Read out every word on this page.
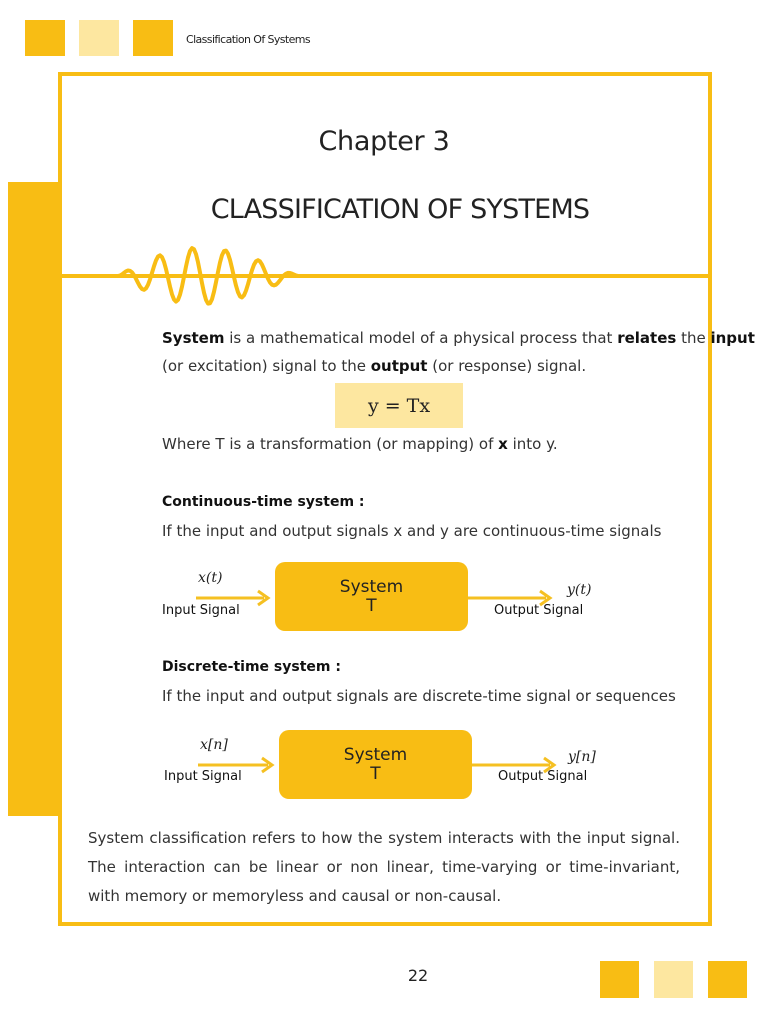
Classification Of Systems
Chapter 3
CLASSIFICATION OF SYSTEMS
System is a mathematical model of a physical process that relates the input
(or excitation) signal to the output (or response) signal.
y = Tx
Where T is a transformation (or mapping) of x into y.
Continuous-time system :
If the input and output signals x and y are continuous-time signals
x(t)
Input Signal
System
T	Output Signal
y(t)
Discrete-time system :
If the input and output signals are discrete-time signal or sequences
x[n]
Input Signal
System
T	Output Signal
y[n]
System classification refers to how the system interacts with the input signal. The interaction can be linear or non linear, time-varying or time-invariant, with memory or memoryless and causal or non-causal.
22
